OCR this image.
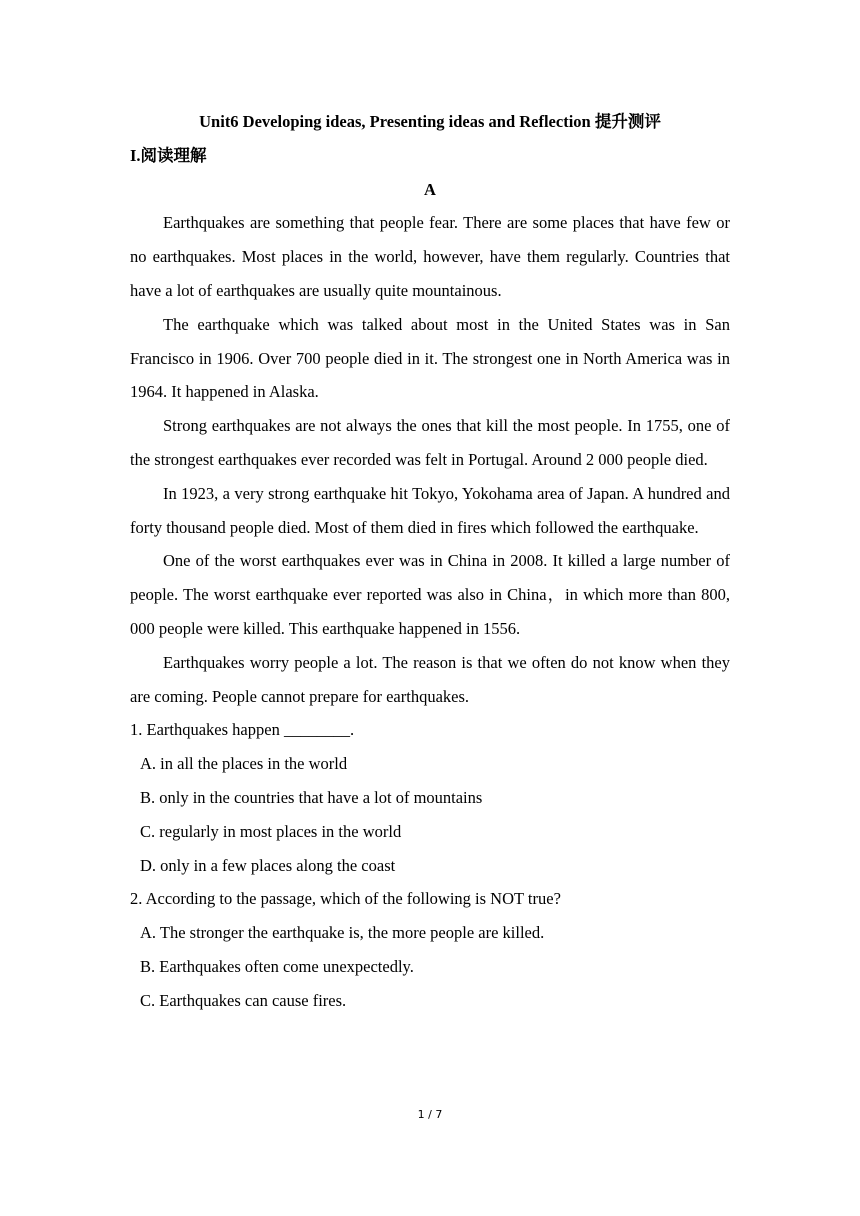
Unit6 Developing ideas, Presenting ideas and Reflection 提升测评

I.阅读理解

A

Earthquakes are something that people fear. There are some places that have few or no earthquakes. Most places in the world, however, have them regularly. Countries that have a lot of earthquakes are usually quite mountainous.

The earthquake which was talked about most in the United States was in San Francisco in 1906. Over 700 people died in it. The strongest one in North America was in 1964. It happened in Alaska.

Strong earthquakes are not always the ones that kill the most people. In 1755, one of the strongest earthquakes ever recorded was felt in Portugal. Around 2 000 people died.

In 1923, a very strong earthquake hit Tokyo, Yokohama area of Japan. A hundred and forty thousand people died. Most of them died in fires which followed the earthquake.

One of the worst earthquakes ever was in China in 2008. It killed a large number of people. The worst earthquake ever reported was also in China，in which more than 800, 000 people were killed. This earthquake happened in 1556.

Earthquakes worry people a lot. The reason is that we often do not know when they are coming. People cannot prepare for earthquakes.

1. Earthquakes happen ________.

A. in all the places in the world

B. only in the countries that have a lot of mountains

C. regularly in most places in the world

D. only in a few places along the coast

2. According to the passage, which of the following is NOT true?

A. The stronger the earthquake is, the more people are killed.

B. Earthquakes often come unexpectedly.

C. Earthquakes can cause fires.

1 / 7
